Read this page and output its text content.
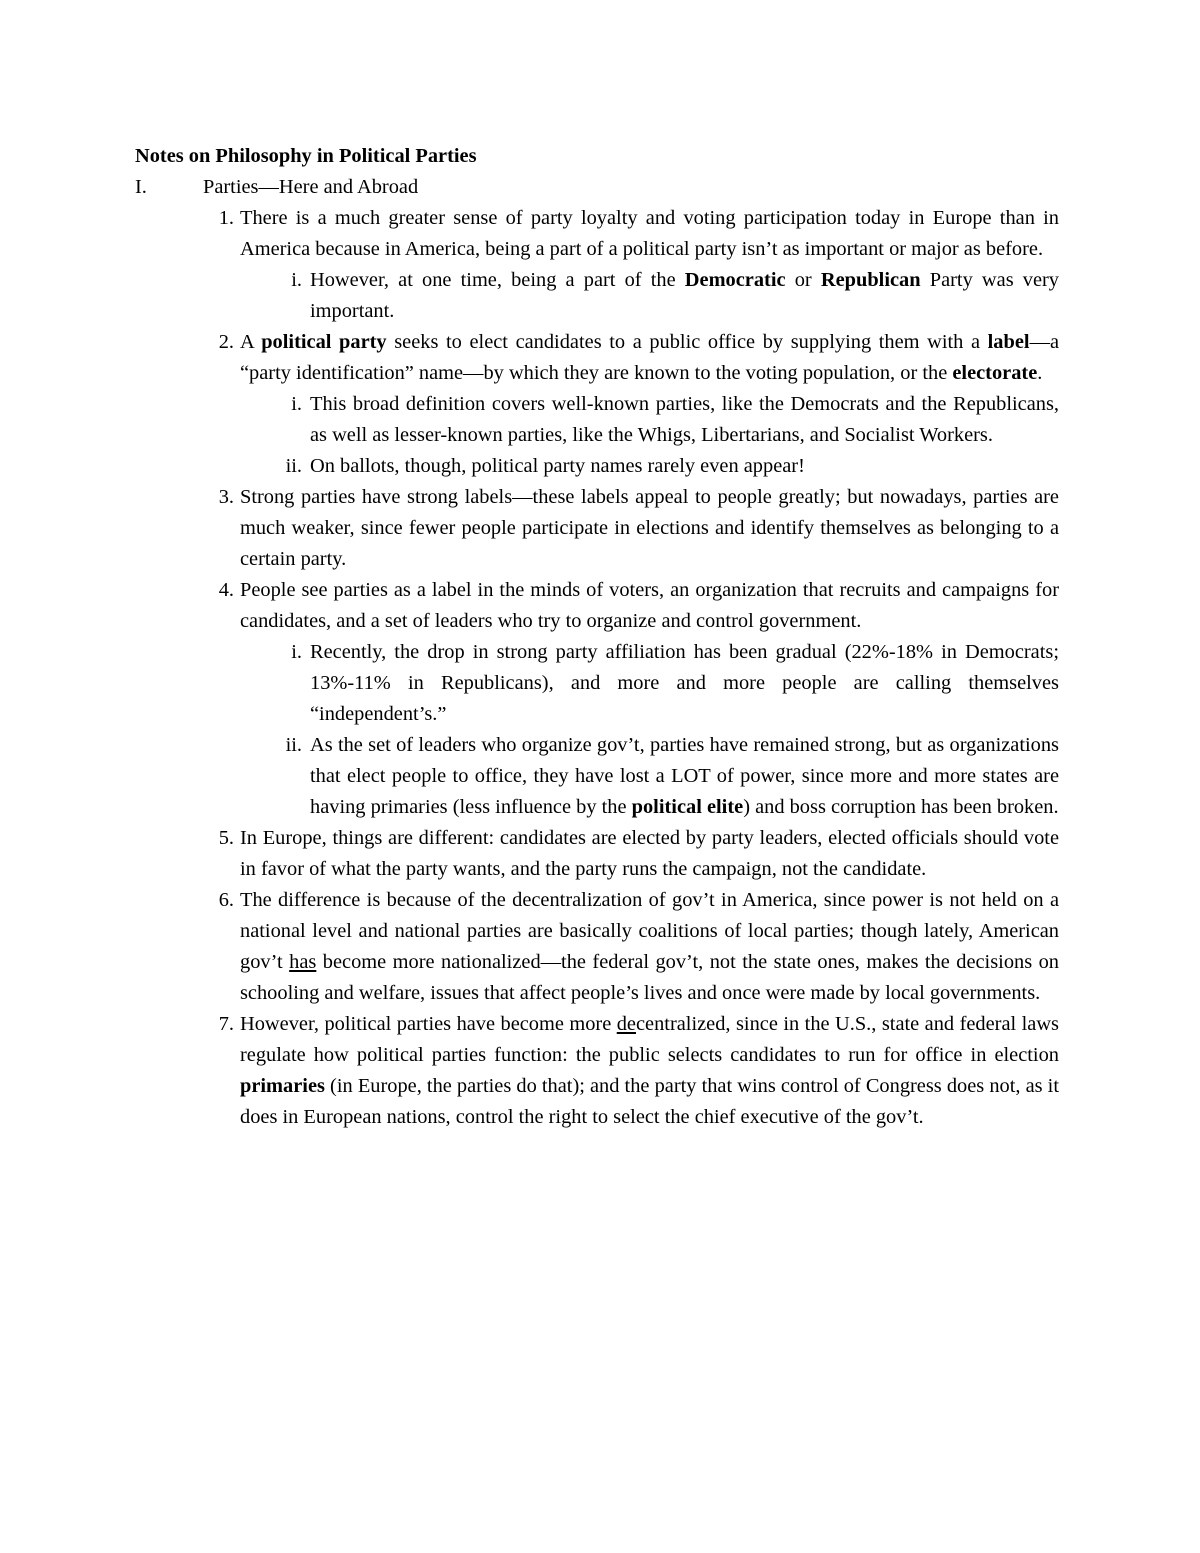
Notes on Philosophy in Political Parties
I.	Parties—Here and Abroad
1. There is a much greater sense of party loyalty and voting participation today in Europe than in America because in America, being a part of a political party isn’t as important or major as before.
i. However, at one time, being a part of the Democratic or Republican Party was very important.
2. A political party seeks to elect candidates to a public office by supplying them with a label—a “party identification” name—by which they are known to the voting population, or the electorate.
i. This broad definition covers well-known parties, like the Democrats and the Republicans, as well as lesser-known parties, like the Whigs, Libertarians, and Socialist Workers.
ii. On ballots, though, political party names rarely even appear!
3. Strong parties have strong labels—these labels appeal to people greatly; but nowadays, parties are much weaker, since fewer people participate in elections and identify themselves as belonging to a certain party.
4. People see parties as a label in the minds of voters, an organization that recruits and campaigns for candidates, and a set of leaders who try to organize and control government.
i. Recently, the drop in strong party affiliation has been gradual (22%-18% in Democrats; 13%-11% in Republicans), and more and more people are calling themselves “independent’s.”
ii. As the set of leaders who organize gov’t, parties have remained strong, but as organizations that elect people to office, they have lost a LOT of power, since more and more states are having primaries (less influence by the political elite) and boss corruption has been broken.
5. In Europe, things are different: candidates are elected by party leaders, elected officials should vote in favor of what the party wants, and the party runs the campaign, not the candidate.
6. The difference is because of the decentralization of gov’t in America, since power is not held on a national level and national parties are basically coalitions of local parties; though lately, American gov’t has become more nationalized—the federal gov’t, not the state ones, makes the decisions on schooling and welfare, issues that affect people’s lives and once were made by local governments.
7. However, political parties have become more decentralized, since in the U.S., state and federal laws regulate how political parties function: the public selects candidates to run for office in election primaries (in Europe, the parties do that); and the party that wins control of Congress does not, as it does in European nations, control the right to select the chief executive of the gov’t.
